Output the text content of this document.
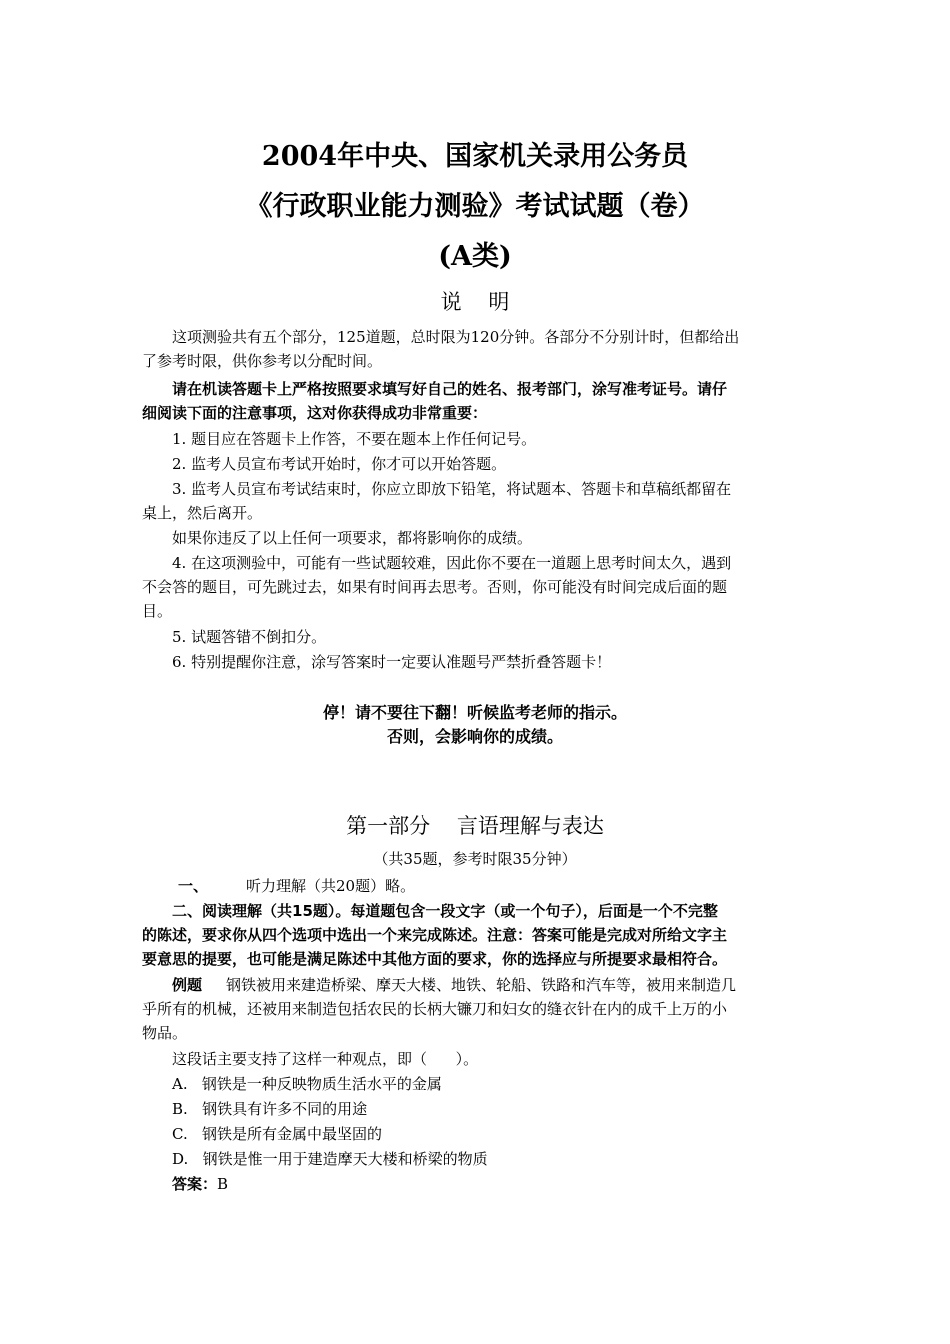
2004年中央、国家机关录用公务员
《行政职业能力测验》考试试题（卷）
(A类)
说    明
这项测验共有五个部分，125道题，总时限为120分钟。各部分不分别计时，但都给出
了参考时限，供你参考以分配时间。
请在机读答题卡上严格按照要求填写好自己的姓名、报考部门，涂写准考证号。请仔
细阅读下面的注意事项，这对你获得成功非常重要：
1. 题目应在答题卡上作答，不要在题本上作任何记号。
2. 监考人员宣布考试开始时，你才可以开始答题。
3. 监考人员宣布考试结束时，你应立即放下铅笔，将试题本、答题卡和草稿纸都留在
桌上，然后离开。
如果你违反了以上任何一项要求，都将影响你的成绩。
4. 在这项测验中，可能有一些试题较难，因此你不要在一道题上思考时间太久，遇到
不会答的题目，可先跳过去，如果有时间再去思考。否则，你可能没有时间完成后面的题
目。
5. 试题答错不倒扣分。
6. 特别提醒你注意，涂写答案时一定要认准题号严禁折叠答题卡！
停！请不要往下翻！听候监考老师的指示。
否则，会影响你的成绩。
第一部分    言语理解与表达
（共35题，参考时限35分钟）
一、	听力理解（共20题）略。
二、阅读理解（共15题）。每道题包含一段文字（或一个句子），后面是一个不完整
的陈述，要求你从四个选项中选出一个来完成陈述。注意：答案可能是完成对所给文字主
要意思的提要，也可能是满足陈述中其他方面的要求，你的选择应与所提要求最相符合。
例题 钢铁被用来建造桥梁、摩天大楼、地铁、轮船、铁路和汽车等，被用来制造几
乎所有的机械，还被用来制造包括农民的长柄大镰刀和妇女的缝衣针在内的成千上万的小
物品。
这段话主要支持了这样一种观点，即（      ）。
A.   钢铁是一种反映物质生活水平的金属
B.   钢铁具有许多不同的用途
C.   钢铁是所有金属中最坚固的
D.   钢铁是惟一用于建造摩天大楼和桥梁的物质
答案：B
